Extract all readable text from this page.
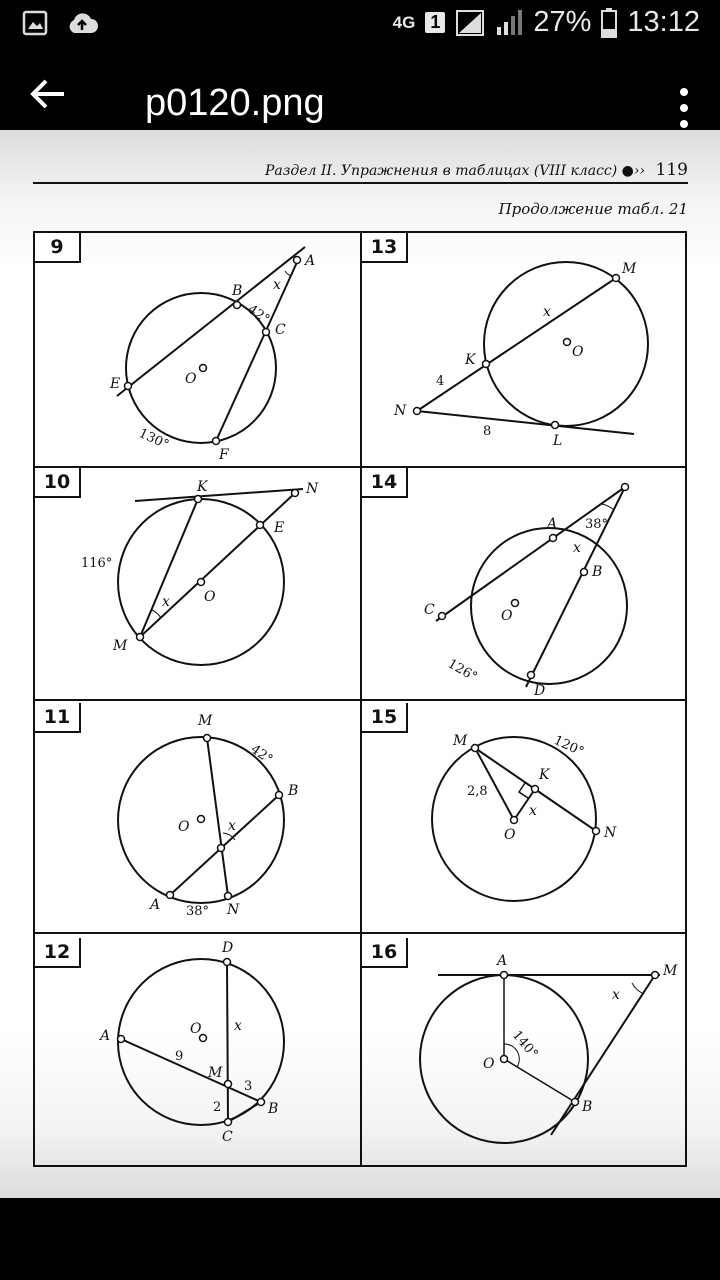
4G 1	27% 13:12
p0120.png
Раздел II. Упражнения в таблицах (VIII класс) ●›› 119
Продолжение табл. 21
A
B
C
E
F
O
x
42°
130°
9
M
K
N
L
O
x
4
8
13
K	N
E
O
M
x
116°
10
A
B
C
D
O
x
38°
126°
14
M
B
O
A	N
x
42°
38°
11
M
K
O	N
x
2,8
120°
15
D
A	O
M
B
C
x
9
3
2
12	A
M
O
B
x
140°
16
